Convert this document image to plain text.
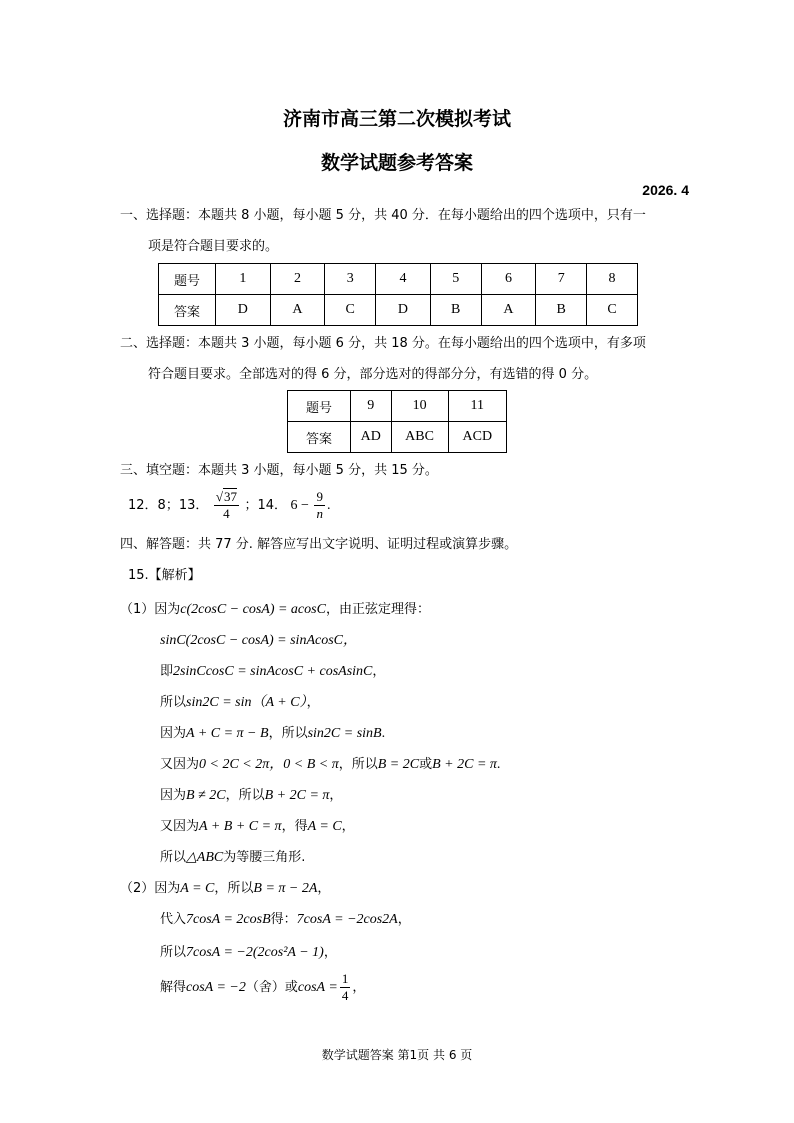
济南市高三第二次模拟考试
数学试题参考答案
2026. 4
一、选择题：本题共 8 小题，每小题 5 分，共 40 分．在每小题给出的四个选项中，只有一
项是符合题目要求的。
题号	1	2	3	4	5	6	7	8
答案	D	A	C	D	B	A	B	C
二、选择题：本题共 3 小题，每小题 6 分，共 18 分。在每小题给出的四个选项中，有多项
符合题目要求。全部选对的得 6 分，部分选对的得部分分，有选错的得 0 分。
题号	9	10	11
答案	AD	ABC	ACD
三、填空题：本题共 3 小题，每小题 5 分，共 15 分。
12．8；13． $\frac{√37}{4}$ ；14． $6 - \frac{9}{n}$ .
四、解答题：共 77 分. 解答应写出文字说明、证明过程或演算步骤。
15.【解析】
（1）因为c(2cosC − cosA) = acosC，由正弦定理得：
sinC(2cosC − cosA) = sinAcosC，
即2sinCcosC = sinAcosC + cosAsinC，
所以sin2C = sin（A + C），
因为A + C = π − B，所以sin2C = sinB.
又因为0 < 2C < 2π，0 < B < π，所以B = 2C或B + 2C = π.
因为B ≠ 2C，所以B + 2C = π，
又因为A + B + C = π，得A = C，
所以△ABC为等腰三角形.
（2）因为A = C，所以B = π − 2A，
代入7cosA = 2cosB得：7cosA = −2cos2A，
所以7cosA = −2(2cos²A − 1)，
解得cosA = −2（舍）或$\cos A = \frac{1}{4}$ ，
数学试题答案 第1页 共 6 页
